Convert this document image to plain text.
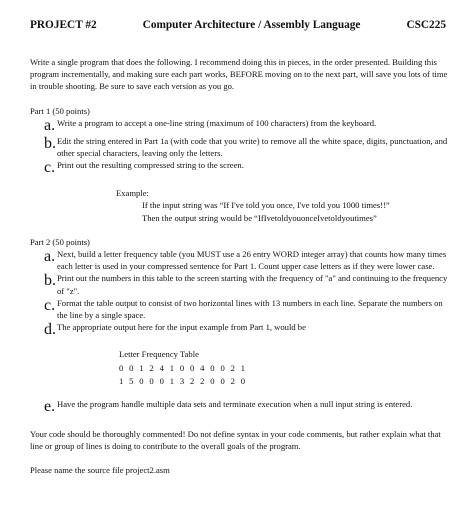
PROJECT #2	Computer Architecture / Assembly Language	CSC225

Write a single program that does the following. I recommend doing this in pieces, in the order presented. Building this program incrementally, and making sure each part works, BEFORE moving on to the next part, will save you lots of time in trouble shooting. Be sure to save each version as you go.

Part 1 (50 points)

a. Write a program to accept a one-line string (maximum of 100 characters) from the keyboard.
b. Edit the string entered in Part 1a (with code that you write) to remove all the white space, digits, punctuation, and other special characters, leaving only the letters.
c. Print out the resulting compressed string to the screen.

Example:

If the input string was “If I've told you once, I've told you 1000 times!!”

Then the output string would be “IfIvetoldyouonceIvetoldyoutimes”

Part 2 (50 points)

a. Next, build a letter frequency table (you MUST use a 26 entry WORD integer array) that counts how many times each letter is used in your compressed sentence for Part 1. Count upper case letters as if they were lower case.
b. Print out the numbers in this table to the screen starting with the frequency of "a" and continuing to the frequency of "z".
c. Format the table output to consist of two horizontal lines with 13 numbers in each line. Separate the numbers on the line by a single space.
d. The appropriate output here for the input example from Part 1, would be

Letter Frequency Table

0 0 1 2 4 1 0 0 4 0 0 2 1

1 5 0 0 0 1 3 2 2 0 0 2 0

e. Have the program handle multiple data sets and terminate execution when a null input string is entered.

Your code should be thoroughly commented! Do not define syntax in your code comments, but rather explain what that line or group of lines is doing to contribute to the overall goals of the program.

Please name the source file project2.asm
